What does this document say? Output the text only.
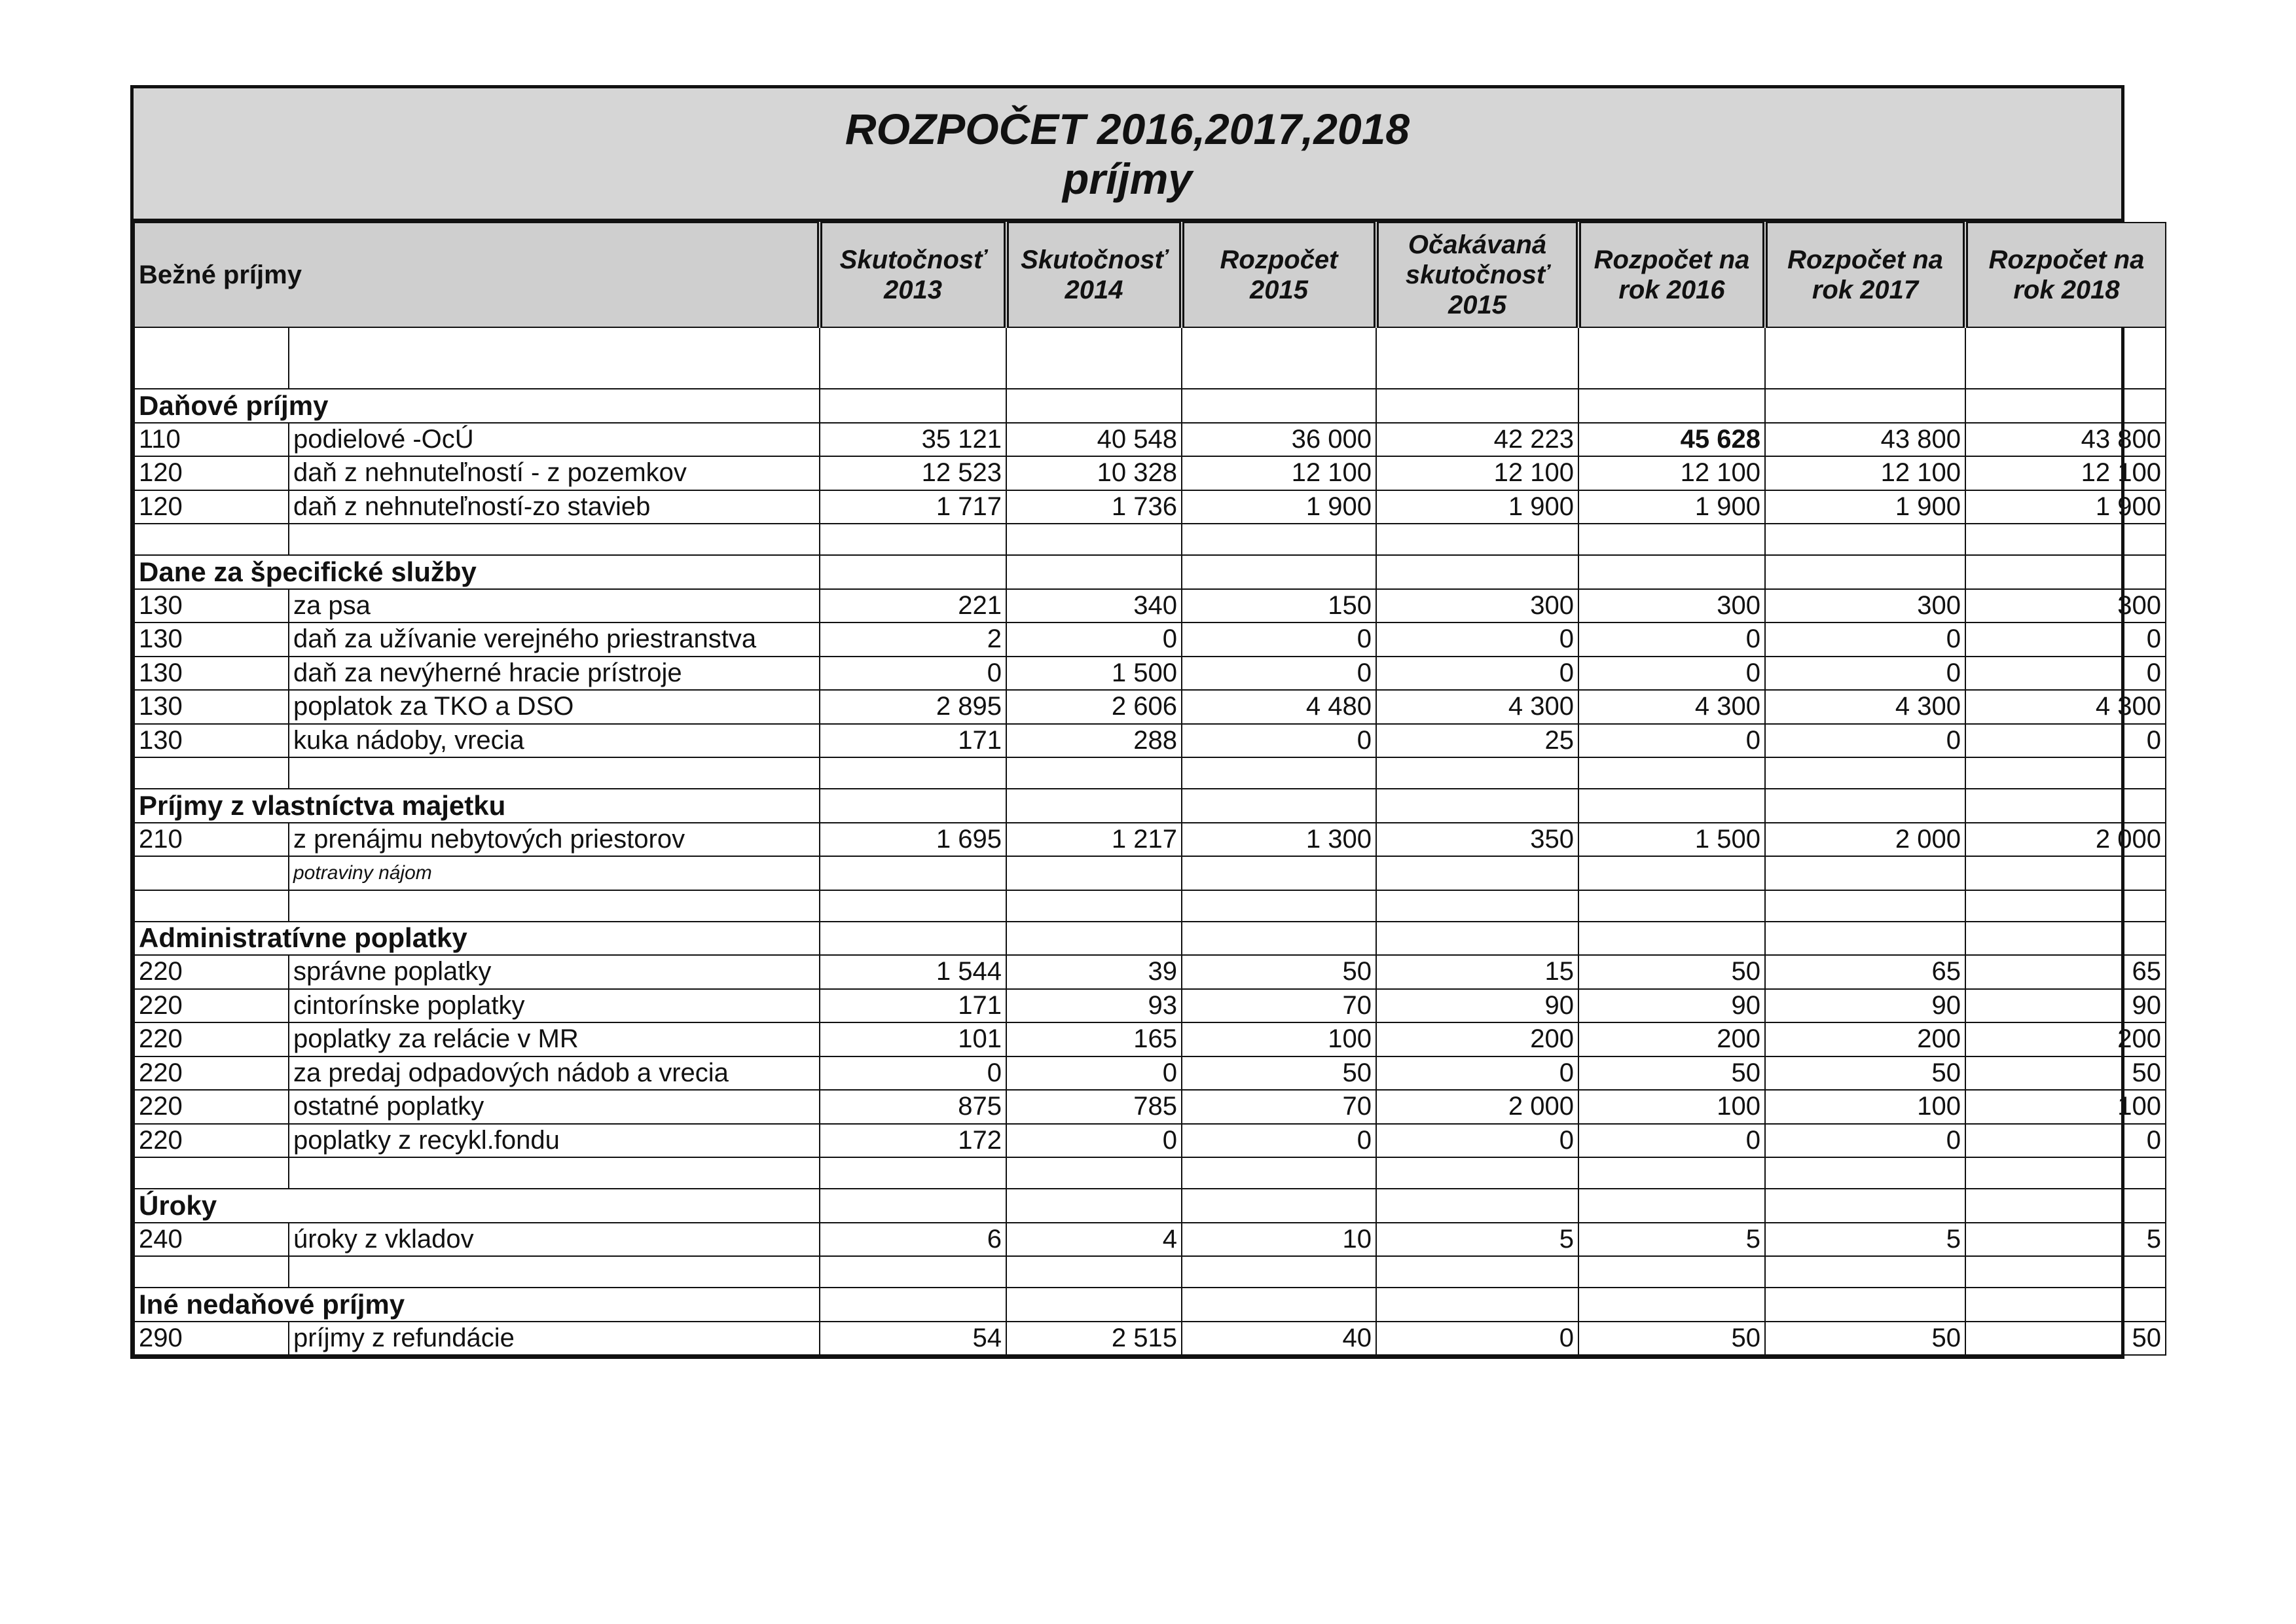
ROZPOČET 2016,2017,2018
príjmy
Bežné príjmy		Skutočnosť 2013	Skutočnosť 2014	Rozpočet 2015	Očakávaná skutočnosť 2015	Rozpočet na rok 2016	Rozpočet na rok 2017	Rozpočet na rok 2018

Daňové príjmy								
110	podielové -OcÚ	35 121	40 548	36 000	42 223	45 628	43 800	43 800
120	daň z nehnuteľností - z pozemkov	12 523	10 328	12 100	12 100	12 100	12 100	12 100
120	daň z nehnuteľností-zo stavieb	1 717	1 736	1 900	1 900	1 900	1 900	1 900

Dane za špecifické služby								
130	za psa	221	340	150	300	300	300	300
130	daň za užívanie verejného priestranstva	2	0	0	0	0	0	0
130	daň za nevýherné hracie prístroje	0	1 500	0	0	0	0	0
130	poplatok za TKO a DSO	2 895	2 606	4 480	4 300	4 300	4 300	4 300
130	kuka nádoby, vrecia	171	288	0	25	0	0	0

Príjmy z vlastníctva majetku								
210	z prenájmu nebytových priestorov	1 695	1 217	1 300	350	1 500	2 000	2 000
	potraviny nájom							

Administratívne poplatky								
220	správne poplatky	1 544	39	50	15	50	65	65
220	cintorínske poplatky	171	93	70	90	90	90	90
220	poplatky za relácie v MR	101	165	100	200	200	200	200
220	za predaj odpadových nádob a vrecia	0	0	50	0	50	50	50
220	ostatné poplatky	875	785	70	2 000	100	100	100
220	poplatky z recykl.fondu	172	0	0	0	0	0	0

Úroky								
240	úroky z vkladov	6	4	10	5	5	5	5

Iné nedaňové príjmy								
290	príjmy z refundácie	54	2 515	40	0	50	50	50
